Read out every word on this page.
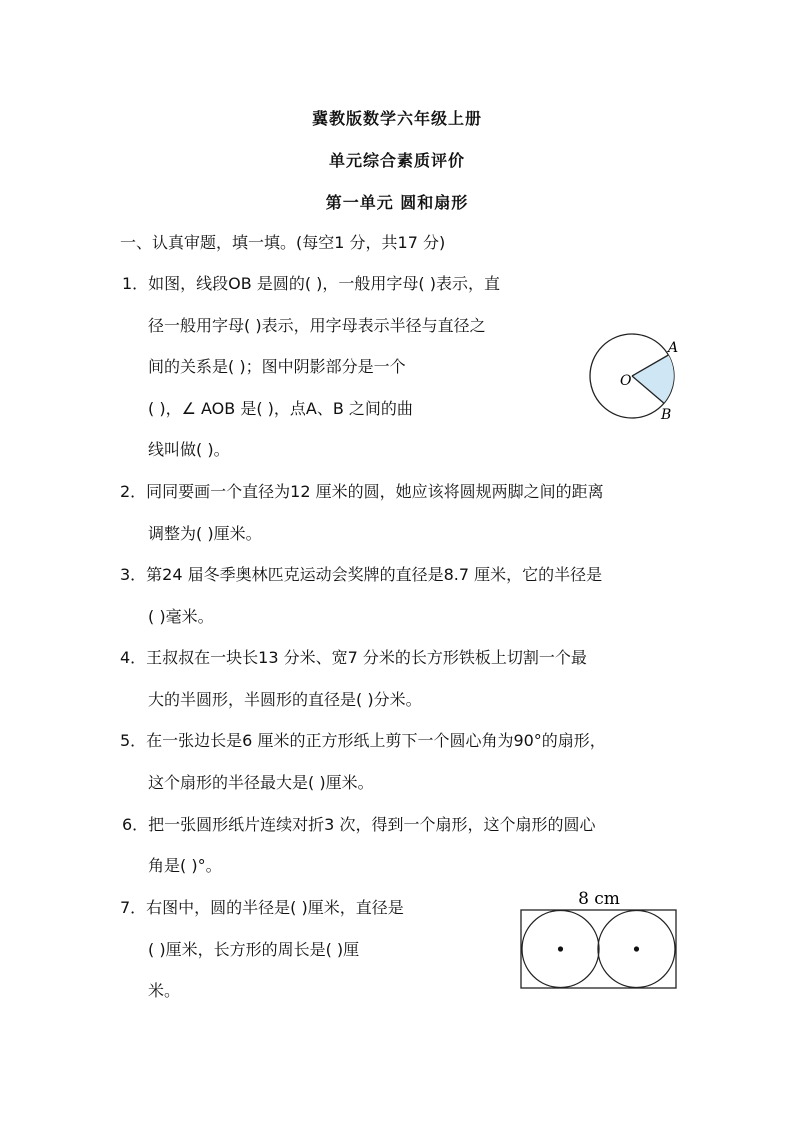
冀教版数学六年级上册
单元综合素质评价
第一单元 圆和扇形
一、认真审题，填一填。(每空1 分，共17 分)
1．如图，线段OB 是圆的( )，一般用字母( )表示，直
径一般用字母( )表示，用字母表示半径与直径之
间的关系是( )；图中阴影部分是一个
( )，∠ AOB 是( )，点A、B 之间的曲
线叫做( )。
O
A
B
2．同同要画一个直径为12 厘米的圆，她应该将圆规两脚之间的距离
调整为( )厘米。
3．第24 届冬季奥林匹克运动会奖牌的直径是8.7 厘米，它的半径是
( )毫米。
4．王叔叔在一块长13 分米、宽7 分米的长方形铁板上切割一个最
大的半圆形，半圆形的直径是( )分米。
5．在一张边长是6 厘米的正方形纸上剪下一个圆心角为90°的扇形，
这个扇形的半径最大是( )厘米。
6．把一张圆形纸片连续对折3 次，得到一个扇形，这个扇形的圆心
角是( )°。
7．右图中，圆的半径是( )厘米，直径是
( )厘米，长方形的周长是( )厘
米。
8 cm
